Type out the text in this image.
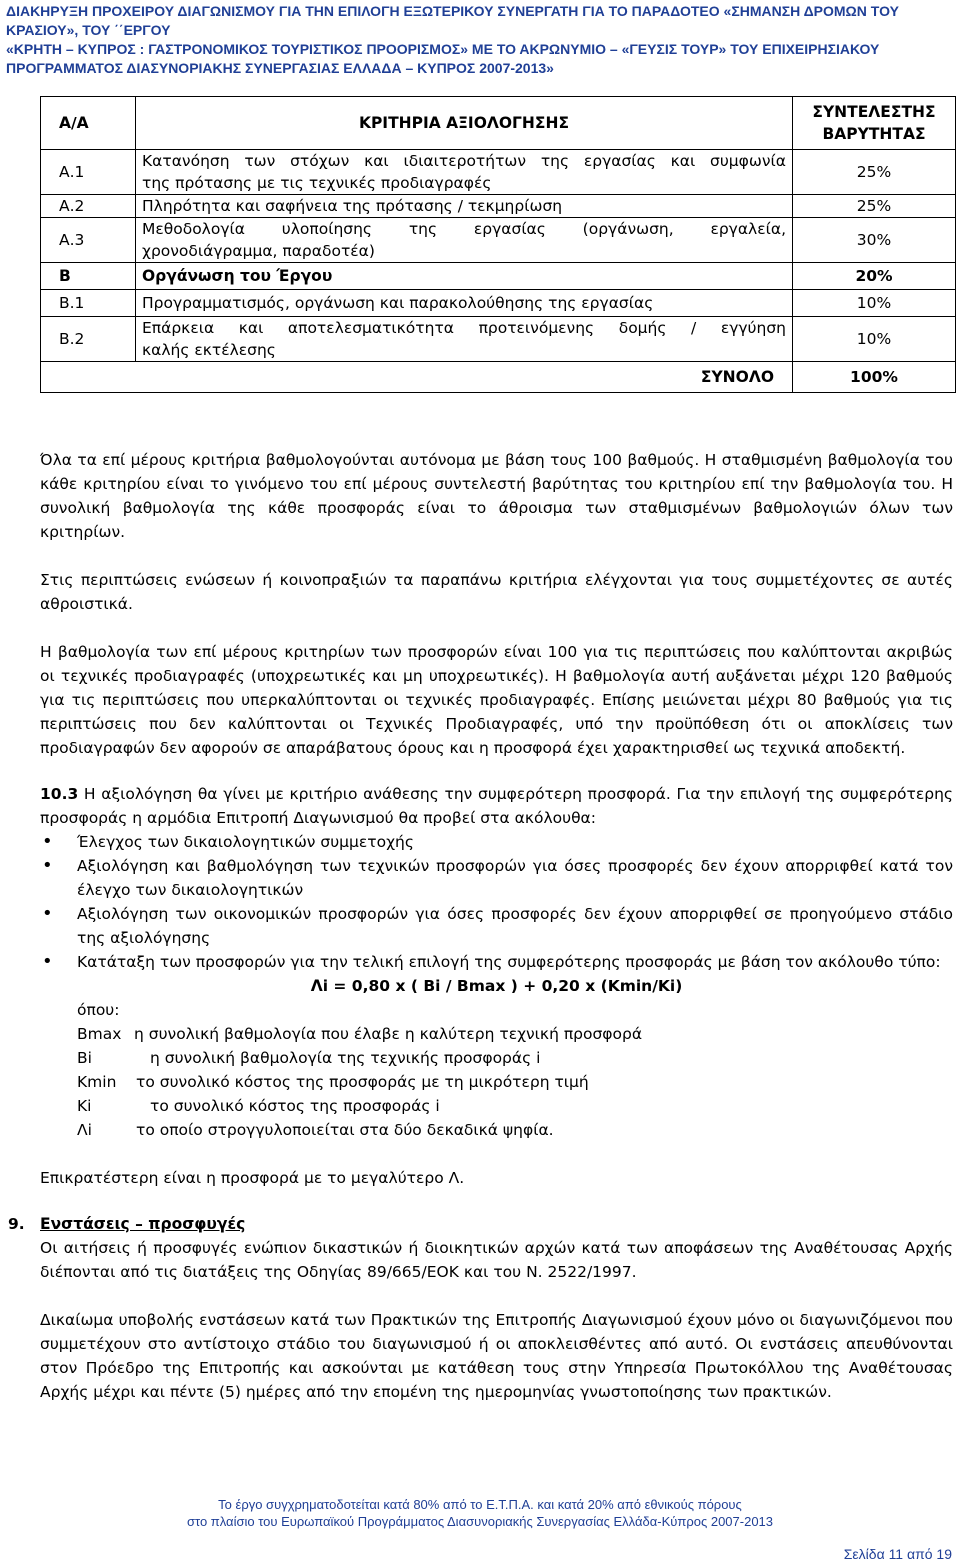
ΔΙΑΚΗΡΥΞΗ ΠΡΟΧΕΙΡΟΥ ΔΙΑΓΩΝΙΣΜΟΥ ΓΙΑ ΤΗΝ ΕΠΙΛΟΓΗ ΕΞΩΤΕΡΙΚΟΥ ΣΥΝΕΡΓΑΤΗ ΓΙΑ ΤΟ ΠΑΡΑΔΟΤΕΟ «ΣΗΜΑΝΣΗ ΔΡΟΜΩΝ ΤΟΥ
ΚΡΑΣΙΟΥ», ΤΟΥ ΄΄ΕΡΓΟΥ
«ΚΡΗΤΗ – ΚΥΠΡΟΣ : ΓΑΣΤΡΟΝΟΜΙΚΟΣ ΤΟΥΡΙΣΤΙΚΟΣ ΠΡΟΟΡΙΣΜΟΣ» ΜΕ ΤΟ ΑΚΡΩΝΥΜΙΟ – «ΓΕΥΣΙΣ ΤΟΥΡ» ΤΟΥ ΕΠΙΧΕΙΡΗΣΙΑΚΟΥ
ΠΡΟΓΡΑΜΜΑΤΟΣ ΔΙΑΣΥΝΟΡΙΑΚΗΣ ΣΥΝΕΡΓΑΣΙΑΣ ΕΛΛΑΔΑ – ΚΥΠΡΟΣ 2007-2013»
Α/Α	ΚΡΙΤΗΡΙΑ ΑΞΙΟΛΟΓΗΣΗΣ	ΣΥΝΤΕΛΕΣΤΗΣ
ΒΑΡΥΤΗΤΑΣ

Α.1	Κατανόηση των στόχων και ιδιαιτεροτήτων της εργασίας και συμφωνία
της πρότασης με τις τεχνικές προδιαγραφές	25%
Α.2	Πληρότητα και σαφήνεια της πρότασης / τεκμηρίωση	25%
Α.3	Μεθοδολογία υλοποίησης της εργασίας (οργάνωση, εργαλεία,
χρονοδιάγραμμα, παραδοτέα)	30%
Β	Οργάνωση του Έργου	20%
Β.1	Προγραμματισμός, οργάνωση και παρακολούθησης της εργασίας	10%
Β.2	Επάρκεια και αποτελεσματικότητα προτεινόμενης δομής / εγγύηση
καλής εκτέλεσης	10%
ΣΥΝΟΛΟ		100%

Όλα τα επί μέρους κριτήρια βαθμολογούνται αυτόνομα με βάση τους 100 βαθμούς. Η σταθμισμένη βαθμολογία του κάθε κριτηρίου είναι το γινόμενο του επί μέρους συντελεστή βαρύτητας του κριτηρίου επί την βαθμολογία του. Η συνολική βαθμολογία της κάθε προσφοράς είναι το άθροισμα των σταθμισμένων βαθμολογιών όλων των κριτηρίων.

Στις περιπτώσεις ενώσεων ή κοινοπραξιών τα παραπάνω κριτήρια ελέγχονται για τους συμμετέχοντες σε αυτές αθροιστικά.

Η βαθμολογία των επί μέρους κριτηρίων των προσφορών είναι 100 για τις περιπτώσεις που καλύπτονται ακριβώς οι τεχνικές προδιαγραφές (υποχρεωτικές και μη υποχρεωτικές). Η βαθμολογία αυτή αυξάνεται μέχρι 120 βαθμούς για τις περιπτώσεις που υπερκαλύπτονται οι τεχνικές προδιαγραφές. Επίσης μειώνεται μέχρι 80 βαθμούς για τις περιπτώσεις που δεν καλύπτονται οι Τεχνικές Προδιαγραφές, υπό την προϋπόθεση ότι οι αποκλίσεις των προδιαγραφών δεν αφορούν σε απαράβατους όρους και η προσφορά έχει χαρακτηρισθεί ως τεχνικά αποδεκτή.

10.3 Η αξιολόγηση θα γίνει με κριτήριο ανάθεσης την συμφερότερη προσφορά. Για την επιλογή της συμφερότερης προσφοράς η αρμόδια Επιτροπή Διαγωνισμού θα προβεί στα ακόλουθα:

• Έλεγχος των δικαιολογητικών συμμετοχής
• Αξιολόγηση και βαθμολόγηση των τεχνικών προσφορών για όσες προσφορές δεν έχουν απορριφθεί κατά τον έλεγχο των δικαιολογητικών
• Αξιολόγηση των οικονομικών προσφορών για όσες προσφορές δεν έχουν απορριφθεί σε προηγούμενο στάδιο της αξιολόγησης
• Κατάταξη των προσφορών για την τελική επιλογή της συμφερότερης προσφοράς με βάση τον ακόλουθο τύπο:
Λi = 0,80 x ( Bi / Bmax ) + 0,20 x (Kmin/Ki)
όπου:
Bmax η συνολική βαθμολογία που έλαβε η καλύτερη τεχνική προσφορά
Bi	η συνολική βαθμολογία της τεχνικής προσφοράς i
Kmin	το συνολικό κόστος της προσφοράς με τη μικρότερη τιμή
Ki	το συνολικό κόστος της προσφοράς i
Λi	το οποίο στρογγυλοποιείται στα δύο δεκαδικά ψηφία.

Επικρατέστερη είναι η προσφορά με το μεγαλύτερο Λ.

9. Ενστάσεις – προσφυγές

Οι αιτήσεις ή προσφυγές ενώπιον δικαστικών ή διοικητικών αρχών κατά των αποφάσεων της Αναθέτουσας Αρχής διέπονται από τις διατάξεις της Οδηγίας 89/665/ΕΟΚ και του Ν. 2522/1997.

Δικαίωμα υποβολής ενστάσεων κατά των Πρακτικών της Επιτροπής Διαγωνισμού έχουν μόνο οι διαγωνιζόμενοι που συμμετέχουν στο αντίστοιχο στάδιο του διαγωνισμού ή οι αποκλεισθέντες από αυτό. Οι ενστάσεις απευθύνονται στον Πρόεδρο της Επιτροπής και ασκούνται με κατάθεση τους στην Υπηρεσία Πρωτοκόλλου της Αναθέτουσας Αρχής μέχρι και πέντε (5) ημέρες από την επομένη της ημερομηνίας γνωστοποίησης των πρακτικών.

Το έργο συγχρηματοδοτείται κατά 80% από το Ε.Τ.Π.Α. και κατά 20% από εθνικούς πόρους
στο πλαίσιο του Ευρωπαϊκού Προγράμματος Διασυνοριακής Συνεργασίας Ελλάδα-Κύπρος 2007-2013
Σελίδα 11 από 19
